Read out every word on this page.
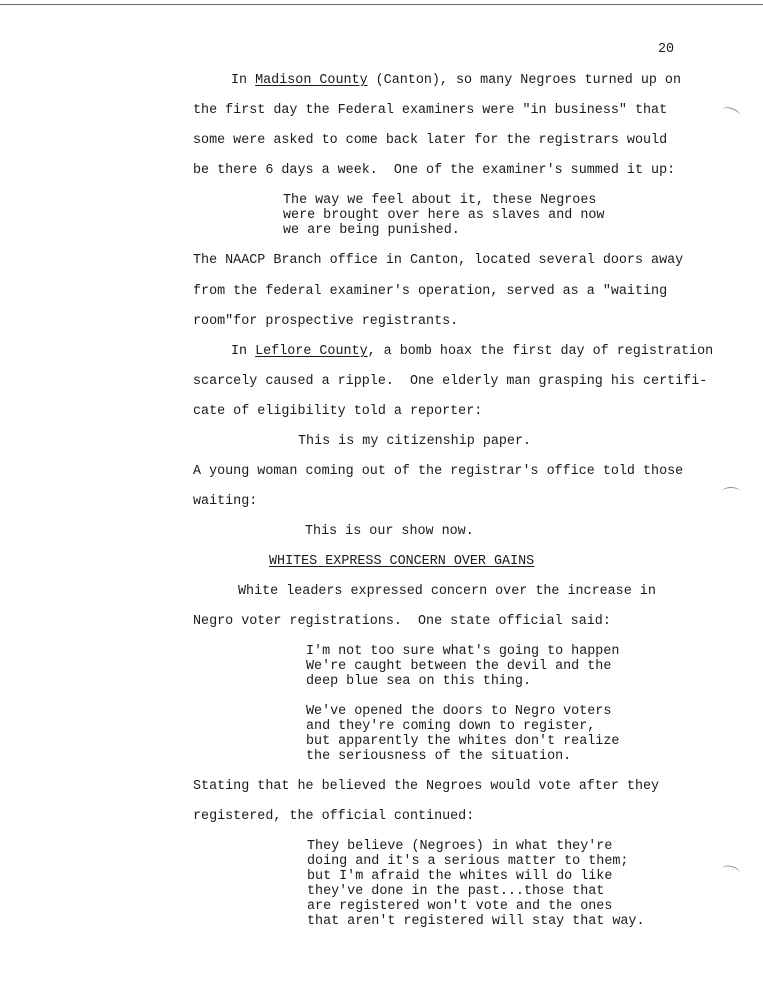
20
In Madison County (Canton), so many Negroes turned up on
the first day the Federal examiners were "in business" that
some were asked to come back later for the registrars would
be there 6 days a week.  One of the examiner's summed it up:
The way we feel about it, these Negroes
were brought over here as slaves and now
we are being punished.
The NAACP Branch office in Canton, located several doors away
from the federal examiner's operation, served as a "waiting
room"for prospective registrants.
In Leflore County, a bomb hoax the first day of registration
scarcely caused a ripple.  One elderly man grasping his certifi-
cate of eligibility told a reporter:
This is my citizenship paper.
A young woman coming out of the registrar's office told those
waiting:
This is our show now.
WHITES EXPRESS CONCERN OVER GAINS
White leaders expressed concern over the increase in
Negro voter registrations.  One state official said:
I'm not too sure what's going to happen
We're caught between the devil and the
deep blue sea on this thing.
We've opened the doors to Negro voters
and they're coming down to register,
but apparently the whites don't realize
the seriousness of the situation.
Stating that he believed the Negroes would vote after they
registered, the official continued:
They believe (Negroes) in what they're
doing and it's a serious matter to them;
but I'm afraid the whites will do like
they've done in the past...those that
are registered won't vote and the ones
that aren't registered will stay that way.
